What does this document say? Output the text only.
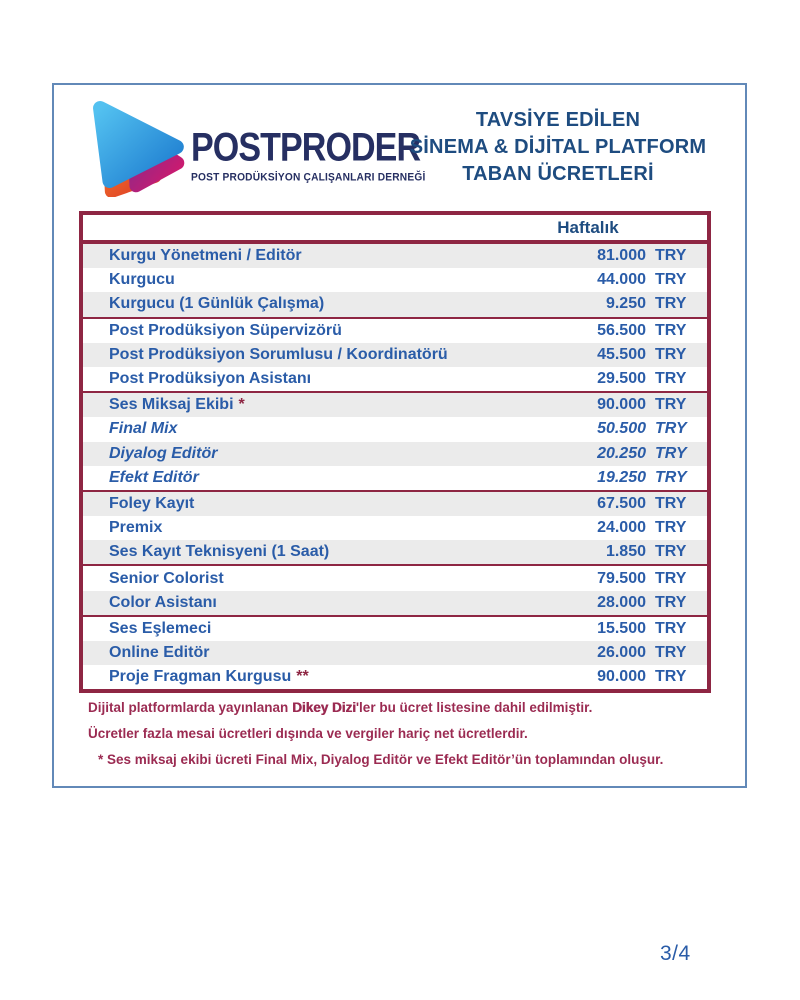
POSTPRODER
POST PRODÜKSİYON ÇALIŞANLARI DERNEĞİ
TAVSİYE EDİLEN
SİNEMA & DİJİTAL PLATFORM
TABAN ÜCRETLERİ
Haftalık
Kurgu Yönetmeni / Editör	81.000 TRY
Kurgucu	44.000 TRY
Kurgucu (1 Günlük Çalışma)	9.250 TRY
Post Prodüksiyon Süpervizörü	56.500 TRY
Post Prodüksiyon Sorumlusu / Koordinatörü	45.500 TRY
Post Prodüksiyon Asistanı	29.500 TRY
Ses Miksaj Ekibi *	90.000 TRY
Final Mix	50.500 TRY
Diyalog Editör	20.250 TRY
Efekt Editör	19.250 TRY
Foley Kayıt	67.500 TRY
Premix	24.000 TRY
Ses Kayıt Teknisyeni (1 Saat)	1.850 TRY
Senior Colorist	79.500 TRY
Color Asistanı	28.000 TRY
Ses Eşlemeci	15.500 TRY
Online Editör	26.000 TRY
Proje Fragman Kurgusu **	90.000 TRY
Dijital platformlarda yayınlanan Dikey Dizi'ler bu ücret listesine dahil edilmiştir.
Ücretler fazla mesai ücretleri dışında ve vergiler hariç net ücretlerdir.
* Ses miksaj ekibi ücreti Final Mix, Diyalog Editör ve Efekt Editör’ün toplamından oluşur.
3/4
